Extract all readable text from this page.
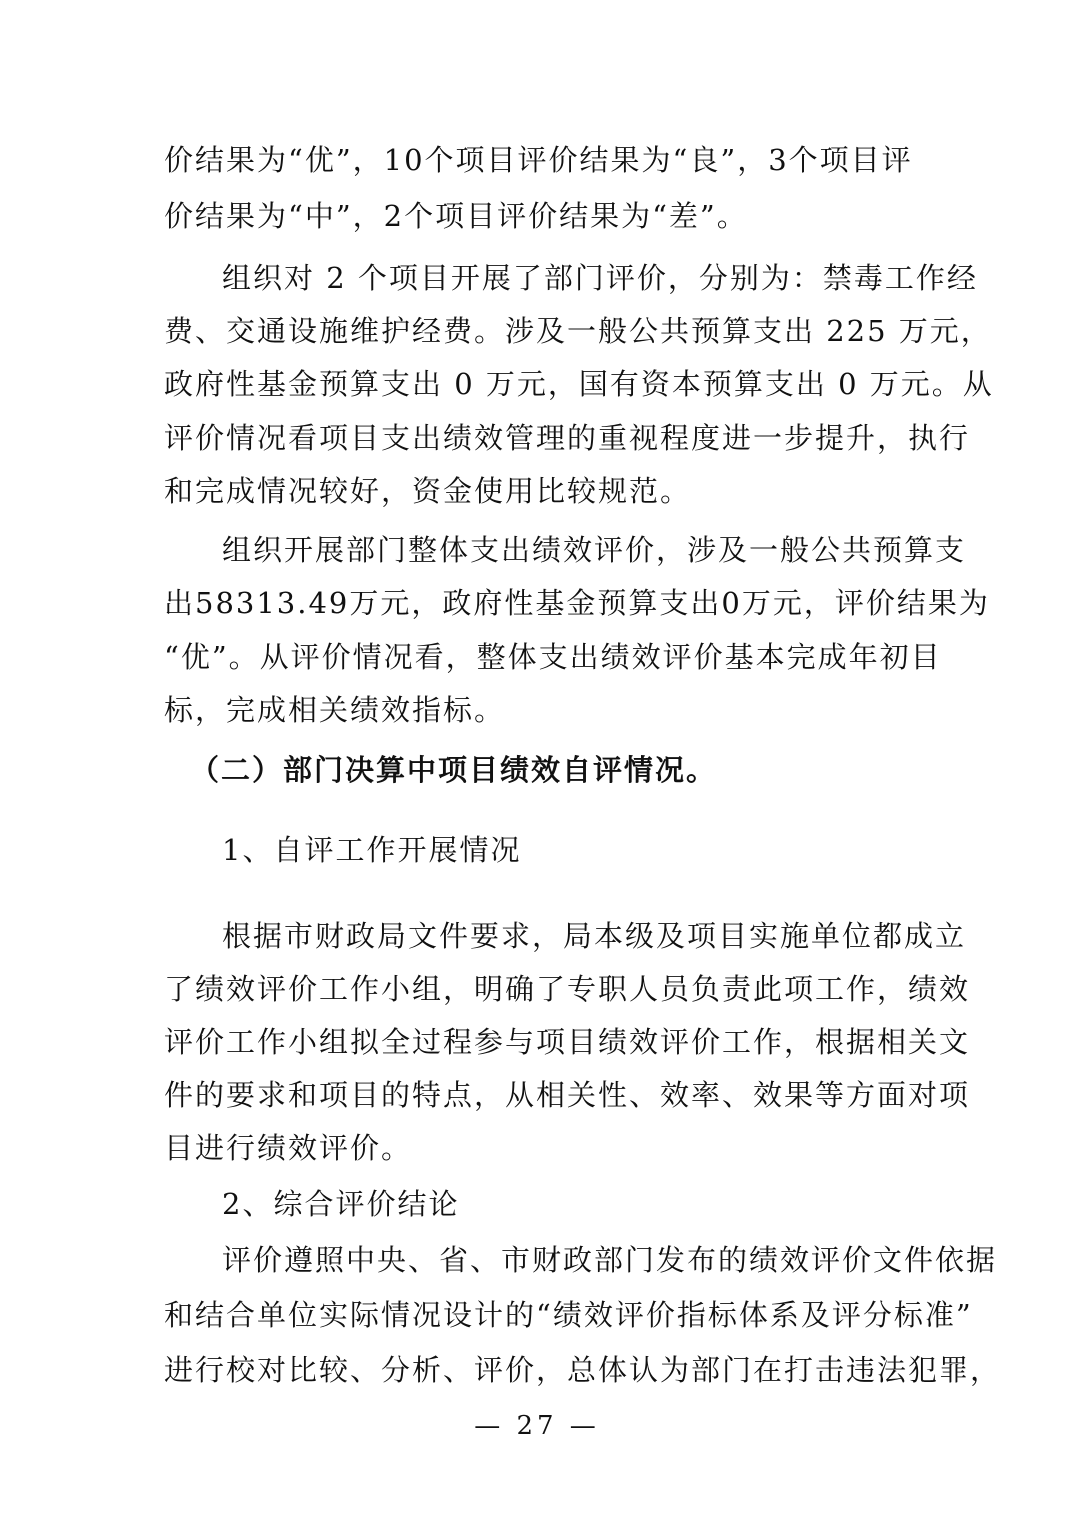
价结果为“优”，10个项目评价结果为“良”，3个项目评
价结果为“中”，2个项目评价结果为“差”。
组织对 2 个项目开展了部门评价，分别为：禁毒工作经
费、交通设施维护经费。涉及一般公共预算支出 225 万元，
政府性基金预算支出 0 万元，国有资本预算支出 0 万元。从
评价情况看项目支出绩效管理的重视程度进一步提升，执行
和完成情况较好，资金使用比较规范。
组织开展部门整体支出绩效评价，涉及一般公共预算支
出58313.49万元，政府性基金预算支出0万元，评价结果为
“优”。从评价情况看，整体支出绩效评价基本完成年初目
标，完成相关绩效指标。
（二）部门决算中项目绩效自评情况。
1、自评工作开展情况
根据市财政局文件要求，局本级及项目实施单位都成立
了绩效评价工作小组，明确了专职人员负责此项工作，绩效
评价工作小组拟全过程参与项目绩效评价工作，根据相关文
件的要求和项目的特点，从相关性、效率、效果等方面对项
目进行绩效评价。
2、综合评价结论
评价遵照中央、省、市财政部门发布的绩效评价文件依据
和结合单位实际情况设计的“绩效评价指标体系及评分标准”
进行校对比较、分析、评价，总体认为部门在打击违法犯罪，
— 27 —
